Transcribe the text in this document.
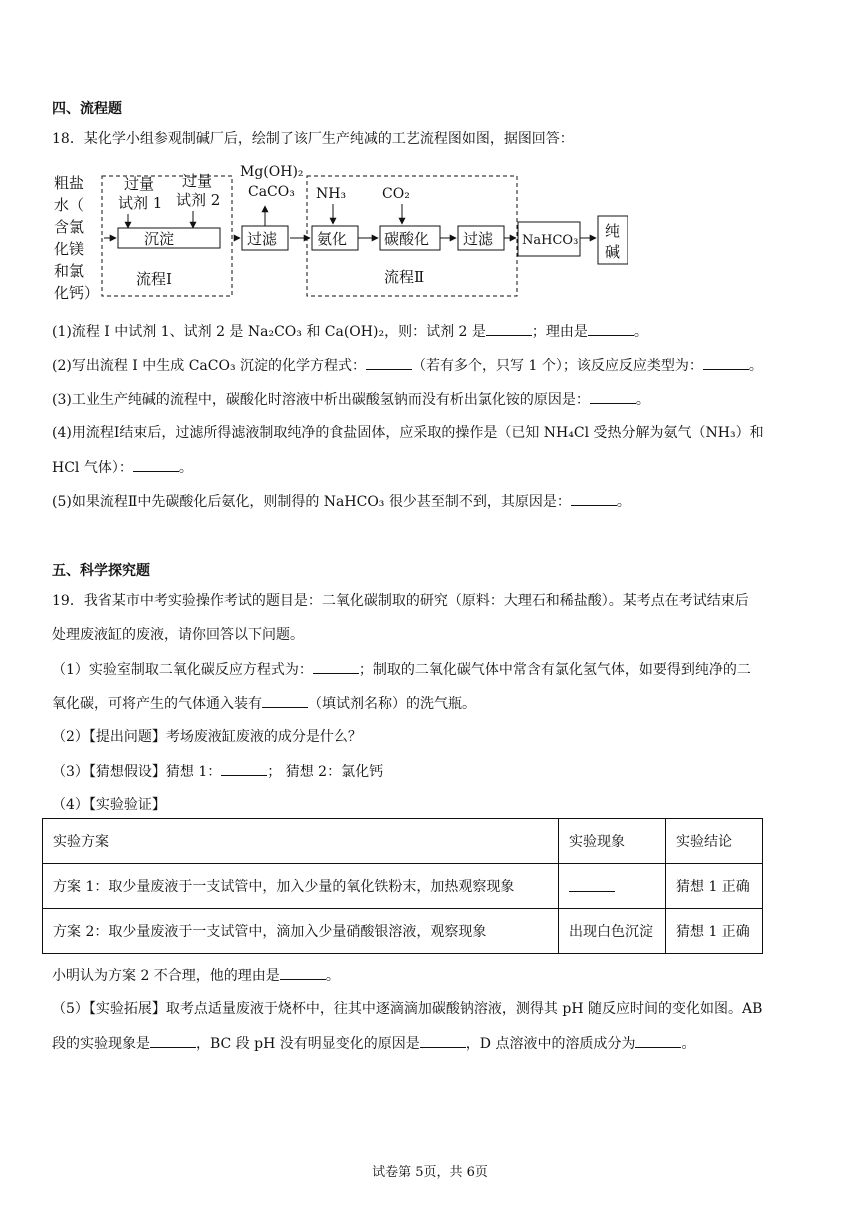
四、流程题
18．某化学小组参观制碱厂后，绘制了该厂生产纯减的工艺流程图如图，据图回答：
粗盐
水（
含氯
化镁
和氯
化钙）
过量
试剂 1
过量
试剂 2
沉淀
流程Ⅰ
过滤
Mg(OH)₂
CaCO₃ NH₃
氨化
CO₂
碳酸化 过滤
流程Ⅱ
NaHCO₃
纯
碱
(1)流程 I 中试剂 1、试剂 2 是 Na₂CO₃ 和 Ca(OH)₂，则：试剂 2 是	；理由是	。
(2)写出流程 I 中生成 CaCO₃ 沉淀的化学方程式：	（若有多个，只写 1 个）；该反应反应类型为：	。
(3)工业生产纯碱的流程中，碳酸化时溶液中析出碳酸氢钠而没有析出氯化铵的原因是：	。
(4)用流程Ⅰ结束后，过滤所得滤液制取纯净的食盐固体，应采取的操作是（已知 NH₄Cl 受热分解为氨气（NH₃）和
HCl 气体）：	。
(5)如果流程Ⅱ中先碳酸化后氨化，则制得的 NaHCO₃ 很少甚至制不到，其原因是：	。
五、科学探究题
19．我省某市中考实验操作考试的题目是：二氧化碳制取的研究（原料：大理石和稀盐酸）。某考点在考试结束后
处理废液缸的废液，请你回答以下问题。
（1）实验室制取二氧化碳反应方程式为：	；制取的二氧化碳气体中常含有氯化氢气体，如要得到纯净的二
氧化碳，可将产生的气体通入装有	（填试剂名称）的洗气瓶。
（2）【提出问题】考场废液缸废液的成分是什么？
（3）【猜想假设】猜想 1：	； 猜想 2：氯化钙
（4）【实验验证】
实验方案	实验现象	实验结论
方案 1：取少量废液于一支试管中，加入少量的氧化铁粉末，加热观察现象		猜想 1 正确
方案 2：取少量废液于一支试管中，滴加入少量硝酸银溶液，观察现象	出现白色沉淀	猜想 1 正确
小明认为方案 2 不合理，他的理由是	。
（5）【实验拓展】取考点适量废液于烧杯中，往其中逐滴滴加碳酸钠溶液，测得其 pH 随反应时间的变化如图。AB
段的实验现象是	，BC 段 pH 没有明显变化的原因是	，D 点溶液中的溶质成分为	。
试卷第 5页，共 6页
